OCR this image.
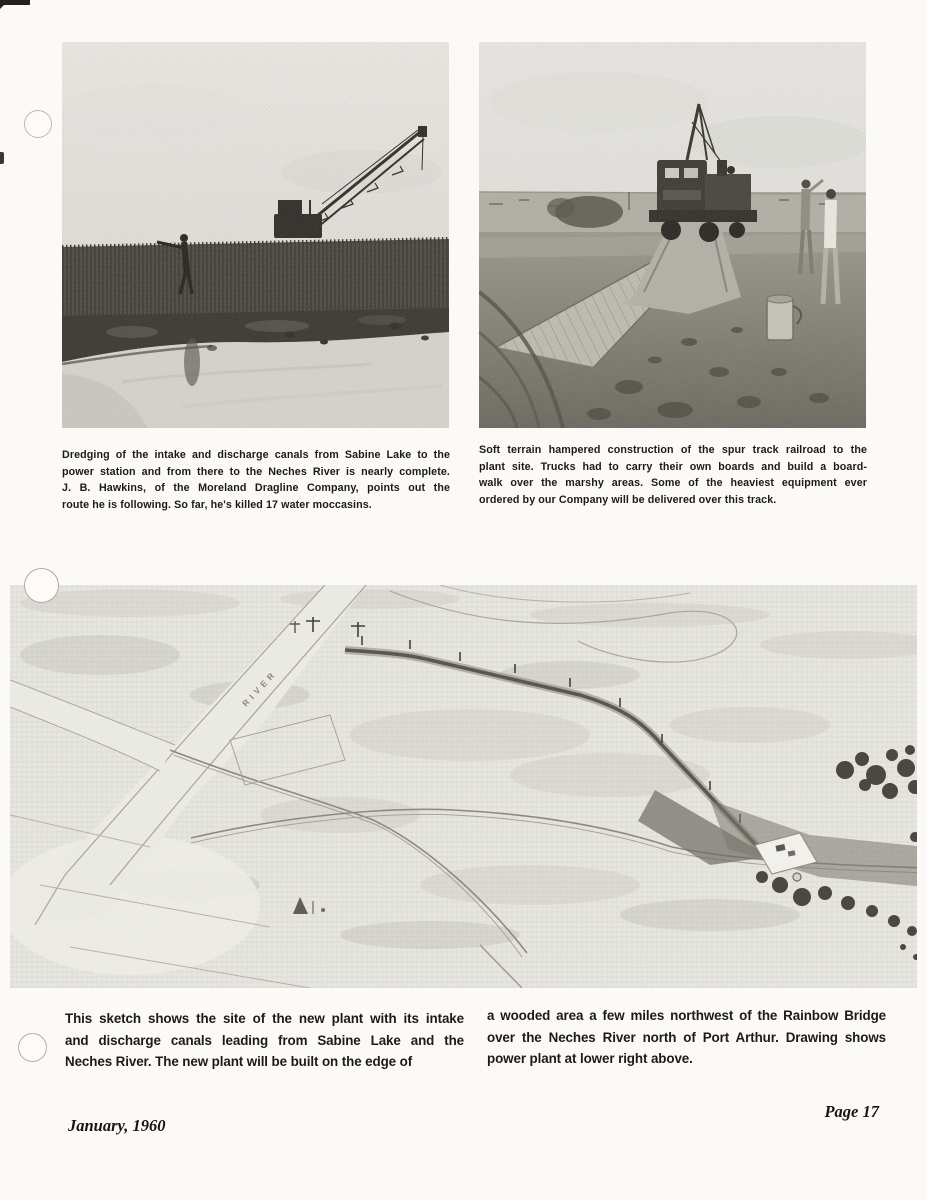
Dredging of the intake and discharge canals from Sabine Lake to the
power station and from there to the Neches River is nearly complete.
J. B. Hawkins, of the Moreland Dragline Company, points out the
route he is following. So far, he's killed 17 water moccasins.
Soft terrain hampered construction of the spur track railroad to the
plant site. Trucks had to carry their own boards and build a board-
walk over the marshy areas. Some of the heaviest equipment ever
ordered by our Company will be delivered over this track.
RIVER
This sketch shows the site of the new plant with its intake
and discharge canals leading from Sabine Lake and the
Neches River. The new plant will be built on the edge of
a wooded area a few miles northwest of the Rainbow Bridge
over the Neches River north of Port Arthur. Drawing shows
power plant at lower right above.
January, 1960
Page 17
